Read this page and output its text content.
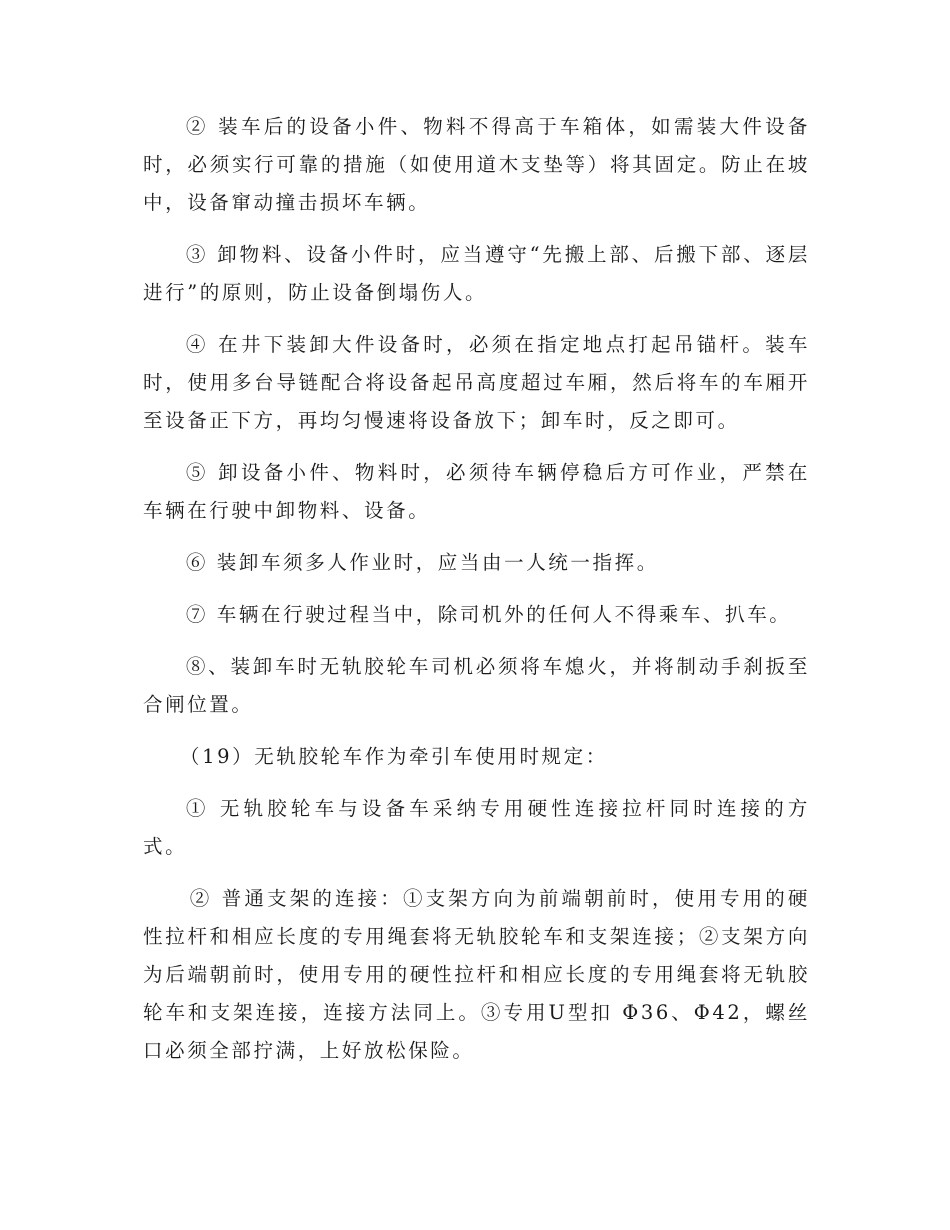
② 装车后的设备小件、物料不得高于车箱体，如需装大件设备时，必须实行可靠的措施（如使用道木支垫等）将其固定。防止在坡中，设备窜动撞击损坏车辆。

③ 卸物料、设备小件时，应当遵守“先搬上部、后搬下部、逐层进行”的原则，防止设备倒塌伤人。

④ 在井下装卸大件设备时，必须在指定地点打起吊锚杆。装车时，使用多台导链配合将设备起吊高度超过车厢，然后将车的车厢开至设备正下方，再均匀慢速将设备放下；卸车时，反之即可。

⑤ 卸设备小件、物料时，必须待车辆停稳后方可作业，严禁在车辆在行驶中卸物料、设备。

⑥ 装卸车须多人作业时，应当由一人统一指挥。

⑦ 车辆在行驶过程当中，除司机外的任何人不得乘车、扒车。

⑧、装卸车时无轨胶轮车司机必须将车熄火，并将制动手刹扳至合闸位置。

（19）无轨胶轮车作为牵引车使用时规定：

① 无轨胶轮车与设备车采纳专用硬性连接拉杆同时连接的方式。

② 普通支架的连接：①支架方向为前端朝前时，使用专用的硬性拉杆和相应长度的专用绳套将无轨胶轮车和支架连接；②支架方向为后端朝前时，使用专用的硬性拉杆和相应长度的专用绳套将无轨胶轮车和支架连接，连接方法同上。③专用U型扣 Φ36、Φ42，螺丝口必须全部拧满，上好放松保险。
